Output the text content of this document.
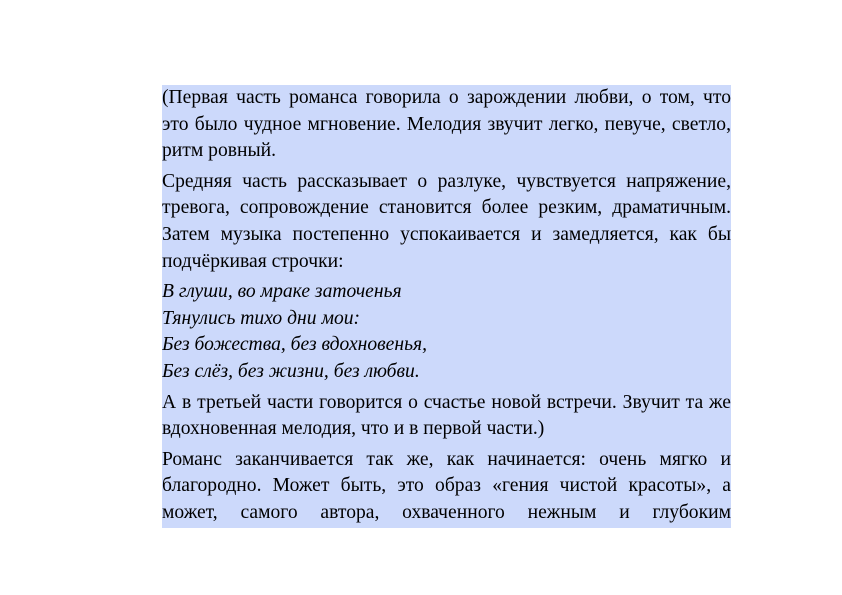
(Первая часть романса говорила о зарождении любви, о том, что это было чудное мгновение. Мелодия звучит легко, певуче, светло, ритм ровный.

Средняя часть рассказывает о разлуке, чувствуется напряжение, тревога, сопровождение становится более резким, драматичным. Затем музыка постепенно успокаивается и замедляется, как бы подчёркивая строчки:

В глуши, во мраке заточенья
Тянулись тихо дни мои:
Без божества, без вдохновенья,
Без слёз, без жизни, без любви.

А в третьей части говорится о счастье новой встречи. Звучит та же вдохновенная мелодия, что и в первой части.)

Романс заканчивается так же, как начинается: очень мягко и благородно. Может быть, это образ «гения чистой красоты», а может, самого автора, охваченного нежным и глубоким
